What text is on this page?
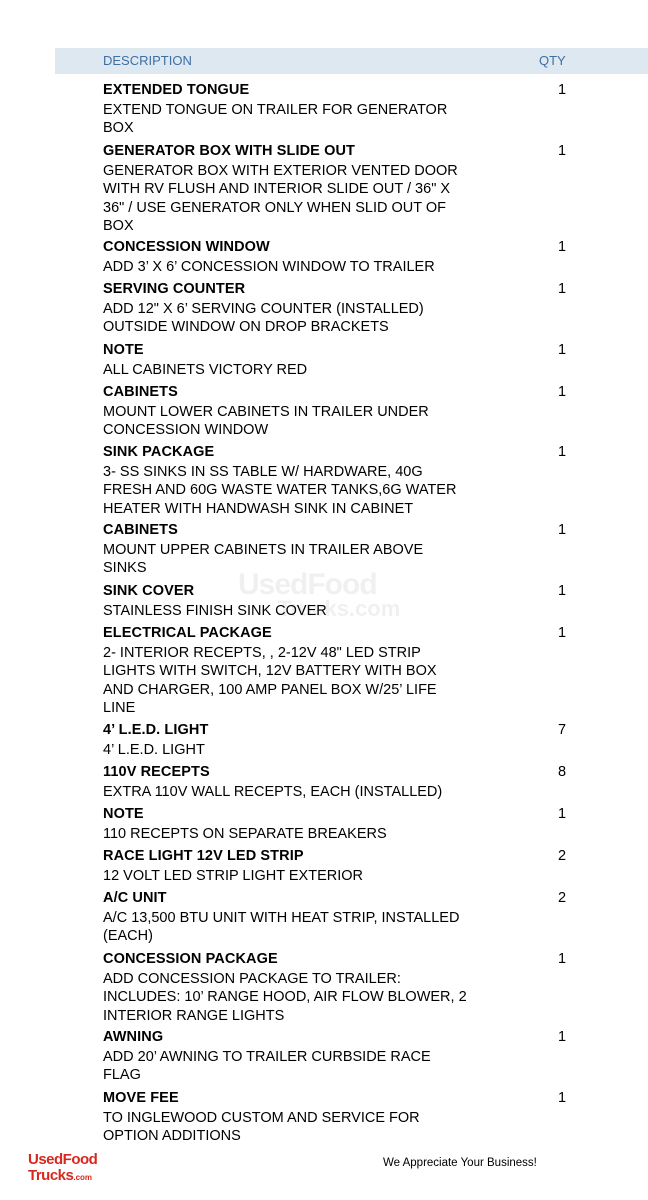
DESCRIPTION	QTY
UsedFood
Trucks.com
EXTENDED TONGUE
EXTEND TONGUE ON TRAILER FOR GENERATOR
BOX
1
GENERATOR BOX WITH SLIDE OUT
GENERATOR BOX WITH EXTERIOR VENTED DOOR
WITH RV FLUSH AND INTERIOR SLIDE OUT / 36" X
36" / USE GENERATOR ONLY WHEN SLID OUT OF
BOX
1
CONCESSION WINDOW
ADD 3’ X 6’ CONCESSION WINDOW TO TRAILER
1
SERVING COUNTER
ADD 12" X 6’ SERVING COUNTER (INSTALLED)
OUTSIDE WINDOW ON DROP BRACKETS
1
NOTE
ALL CABINETS VICTORY RED
1
CABINETS
MOUNT LOWER CABINETS IN TRAILER UNDER
CONCESSION WINDOW
1
SINK PACKAGE
3- SS SINKS IN SS TABLE W/ HARDWARE, 40G
FRESH AND 60G WASTE WATER TANKS,6G WATER
HEATER WITH HANDWASH SINK IN CABINET
1
CABINETS
MOUNT UPPER CABINETS IN TRAILER ABOVE
SINKS
1
SINK COVER
STAINLESS FINISH SINK COVER
1
ELECTRICAL PACKAGE
2- INTERIOR RECEPTS, , 2-12V 48" LED STRIP
LIGHTS WITH SWITCH, 12V BATTERY WITH BOX
AND CHARGER, 100 AMP PANEL BOX W/25’ LIFE
LINE
1
4’ L.E.D. LIGHT
4’ L.E.D. LIGHT
7
110V RECEPTS
EXTRA 110V WALL RECEPTS, EACH (INSTALLED)
8
NOTE
110 RECEPTS ON SEPARATE BREAKERS
1
RACE LIGHT 12V LED STRIP
12 VOLT LED STRIP LIGHT EXTERIOR
2
A/C UNIT
A/C 13,500 BTU UNIT WITH HEAT STRIP, INSTALLED
(EACH)
2
CONCESSION PACKAGE
ADD CONCESSION PACKAGE TO TRAILER:
INCLUDES: 10’ RANGE HOOD, AIR FLOW BLOWER, 2
INTERIOR RANGE LIGHTS
1
AWNING
ADD 20’ AWNING TO TRAILER CURBSIDE RACE
FLAG
1
MOVE FEE
TO INGLEWOOD CUSTOM AND SERVICE FOR
OPTION ADDITIONS
1
UsedFood
Trucks.com
We Appreciate Your Business!
